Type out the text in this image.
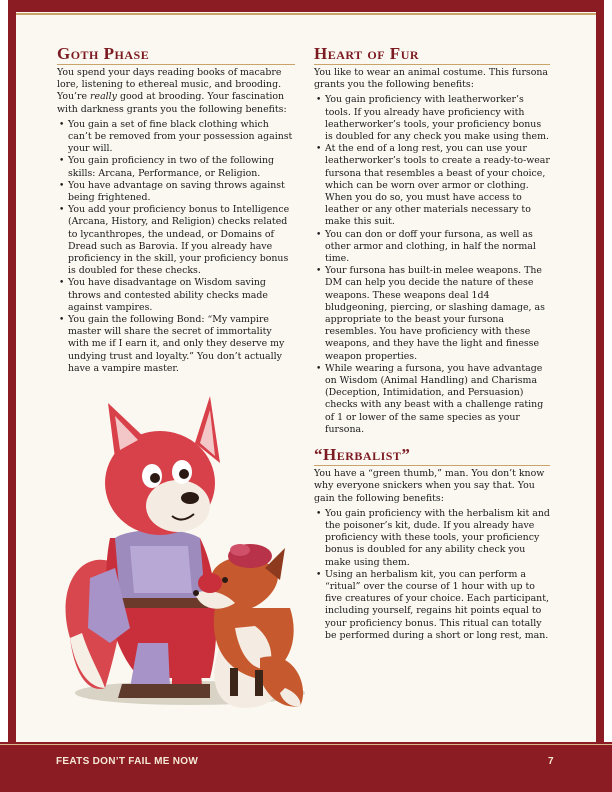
Goth Phase

You spend your days reading books of macabre lore, listening to ethereal music, and brooding. You’re really good at brooding. Your fascination with darkness grants you the following benefits:

• You gain a set of fine black clothing which can’t be removed from your possession against your will.
• You gain proficiency in two of the following skills: Arcana, Performance, or Religion.
• You have advantage on saving throws against being frightened.
• You add your proficiency bonus to Intelligence (Arcana, History, and Religion) checks related to lycanthropes, the undead, or Domains of Dread such as Barovia. If you already have proficiency in the skill, your proficiency bonus is doubled for these checks.
• You have disadvantage on Wisdom saving throws and contested ability checks made against vampires.
• You gain the following Bond: “My vampire master will share the secret of immortality with me if I earn it, and only they deserve my undying trust and loyalty.” You don’t actually have a vampire master.
Heart of Fur

You like to wear an animal costume. This fursona grants you the following benefits:

• You gain proficiency with leatherworker’s tools. If you already have proficiency with leatherworker’s tools, your proficiency bonus is doubled for any check you make using them.
• At the end of a long rest, you can use your leatherworker’s tools to create a ready-to-wear fursona that resembles a beast of your choice, which can be worn over armor or clothing. When you do so, you must have access to leather or any other materials necessary to make this suit.
• You can don or doff your fursona, as well as other armor and clothing, in half the normal time.
• Your fursona has built-in melee weapons. The DM can help you decide the nature of these weapons. These weapons deal 1d4 bludgeoning, piercing, or slashing damage, as appropriate to the beast your fursona resembles. You have proficiency with these weapons, and they have the light and finesse weapon properties.
• While wearing a fursona, you have advantage on Wisdom (Animal Handling) and Charisma (Deception, Intimidation, and Persuasion) checks with any beast with a challenge rating of 1 or lower of the same species as your fursona.
“Herbalist”

You have a “green thumb,” man. You don’t know why everyone snickers when you say that. You gain the following benefits:

• You gain proficiency with the herbalism kit and the poisoner’s kit, dude. If you already have proficiency with these tools, your proficiency bonus is doubled for any ability check you make using them.
• Using an herbalism kit, you can perform a “ritual” over the course of 1 hour with up to five creatures of your choice. Each participant, including yourself, regains hit points equal to your proficiency bonus. This ritual can totally be performed during a short or long rest, man.
FEATS DON’T FAIL ME NOW	7
